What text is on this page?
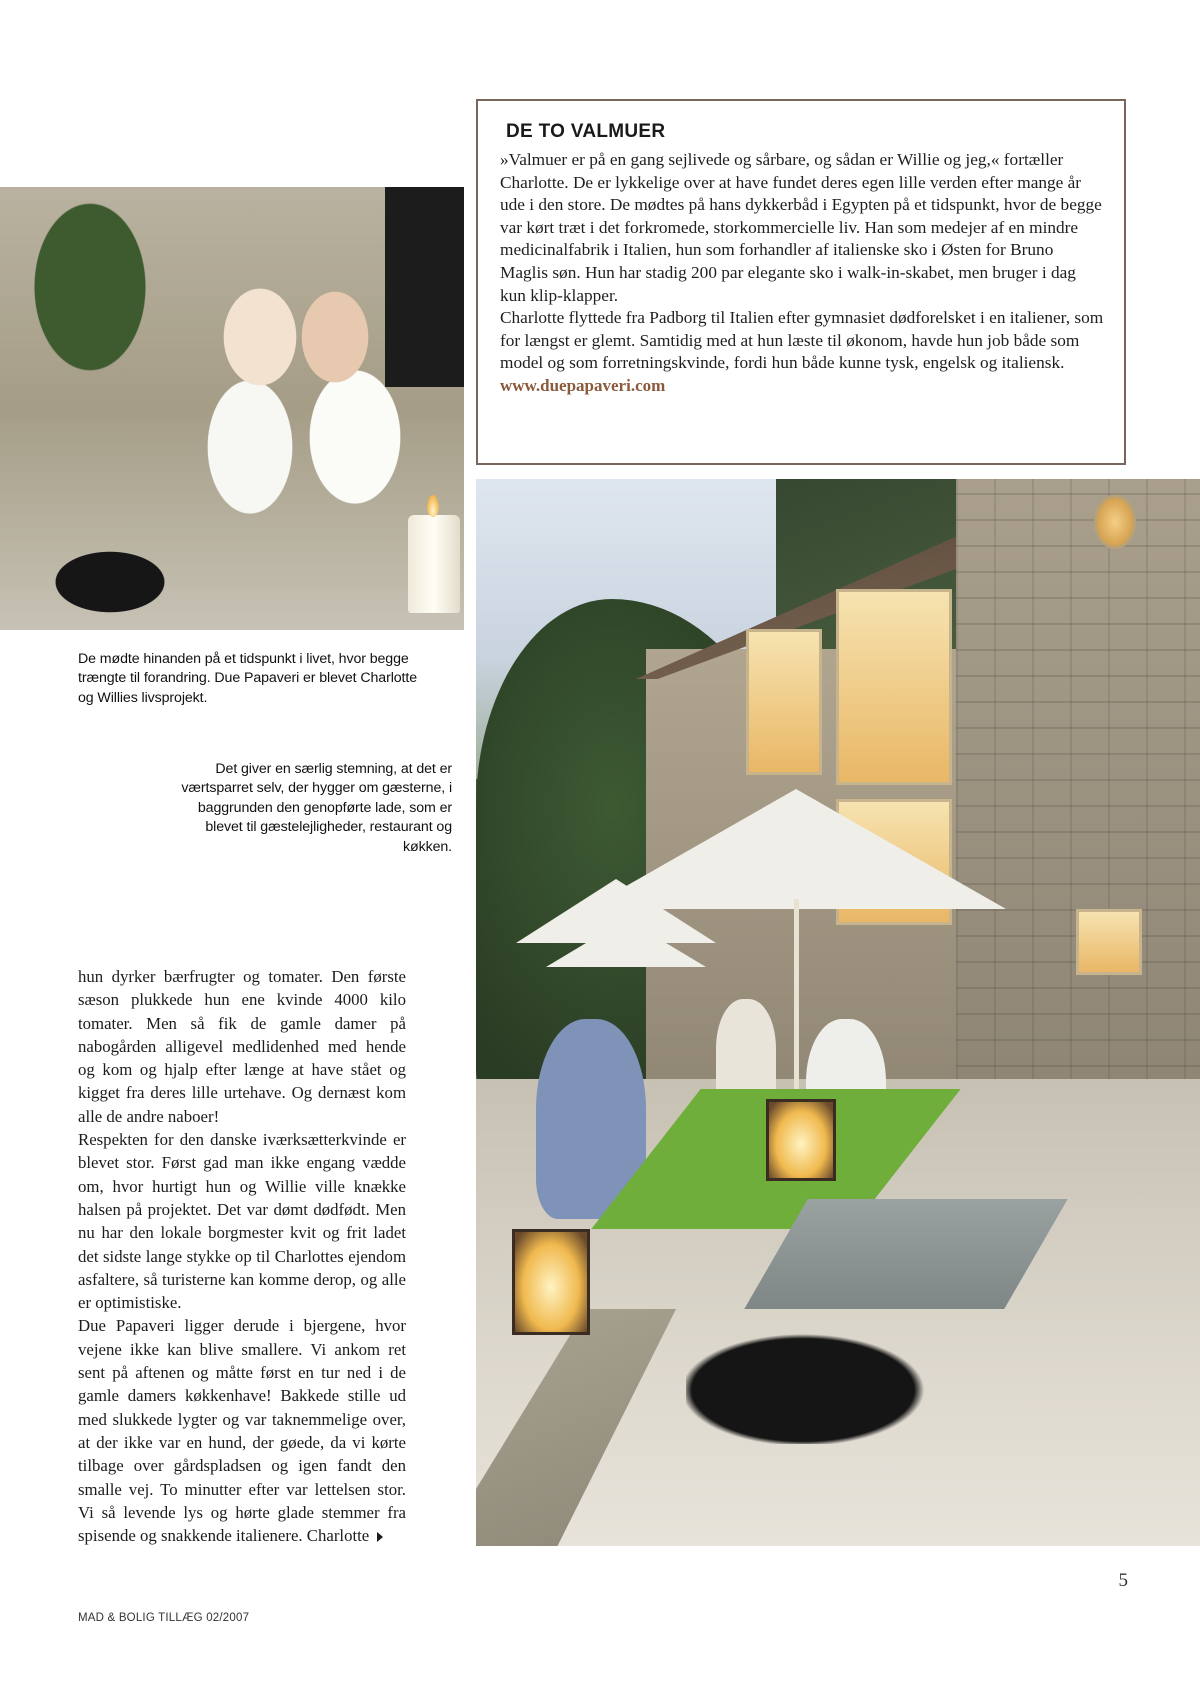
DE TO VALMUER

»Valmuer er på en gang sejlivede og sårbare, og sådan er Willie og jeg,« fortæller Charlotte. De er lykkelige over at have fundet deres egen lille verden efter mange år ude i den store. De mødtes på hans dykkerbåd i Egypten på et tidspunkt, hvor de begge var kørt træt i det forkromede, storkommercielle liv. Han som medejer af en mindre medicinalfabrik i Italien, hun som forhandler af italienske sko i Østen for Bruno Maglis søn. Hun har stadig 200 par elegante sko i walk-in-skabet, men bruger i dag kun klip-klapper.

Charlotte flyttede fra Padborg til Italien efter gymnasiet dødforelsket i en italiener, som for længst er glemt. Samtidig med at hun læste til økonom, havde hun job både som model og som forretningskvinde, fordi hun både kunne tysk, engelsk og italiensk.

www.duepapaveri.com
De mødte hinanden på et tidspunkt i livet, hvor begge trængte til forandring. Due Papaveri er blevet Charlotte og Willies livsprojekt.
Det giver en særlig stemning, at det er værtsparret selv, der hygger om gæsterne, i baggrunden den genopførte lade, som er blevet til gæstelejligheder, restaurant og køkken.

hun dyrker bærfrugter og tomater. Den første sæson plukkede hun ene kvinde 4000 kilo tomater. Men så fik de gamle damer på nabogården alligevel medlidenhed med hende og kom og hjalp efter længe at have stået og kigget fra deres lille urtehave. Og dernæst kom alle de andre naboer!

Respekten for den danske iværksætterkvinde er blevet stor. Først gad man ikke engang vædde om, hvor hurtigt hun og Willie ville knække halsen på projektet. Det var dømt dødfødt. Men nu har den lokale borgmester kvit og frit ladet det sidste lange stykke op til Charlottes ejendom asfaltere, så turisterne kan komme derop, og alle er optimistiske.

Due Papaveri ligger derude i bjergene, hvor vejene ikke kan blive smallere. Vi ankom ret sent på aftenen og måtte først en tur ned i de gamle damers køkkenhave! Bakkede stille ud med slukkede lygter og var taknemmelige over, at der ikke var en hund, der gøede, da vi kørte tilbage over gårdspladsen og igen fandt den smalle vej. To minutter efter var lettelsen stor. Vi så levende lys og hørte glade stemmer fra spisende og snakkende italienere. Charlotte

5
MAD & BOLIG TILLÆG 02/2007
